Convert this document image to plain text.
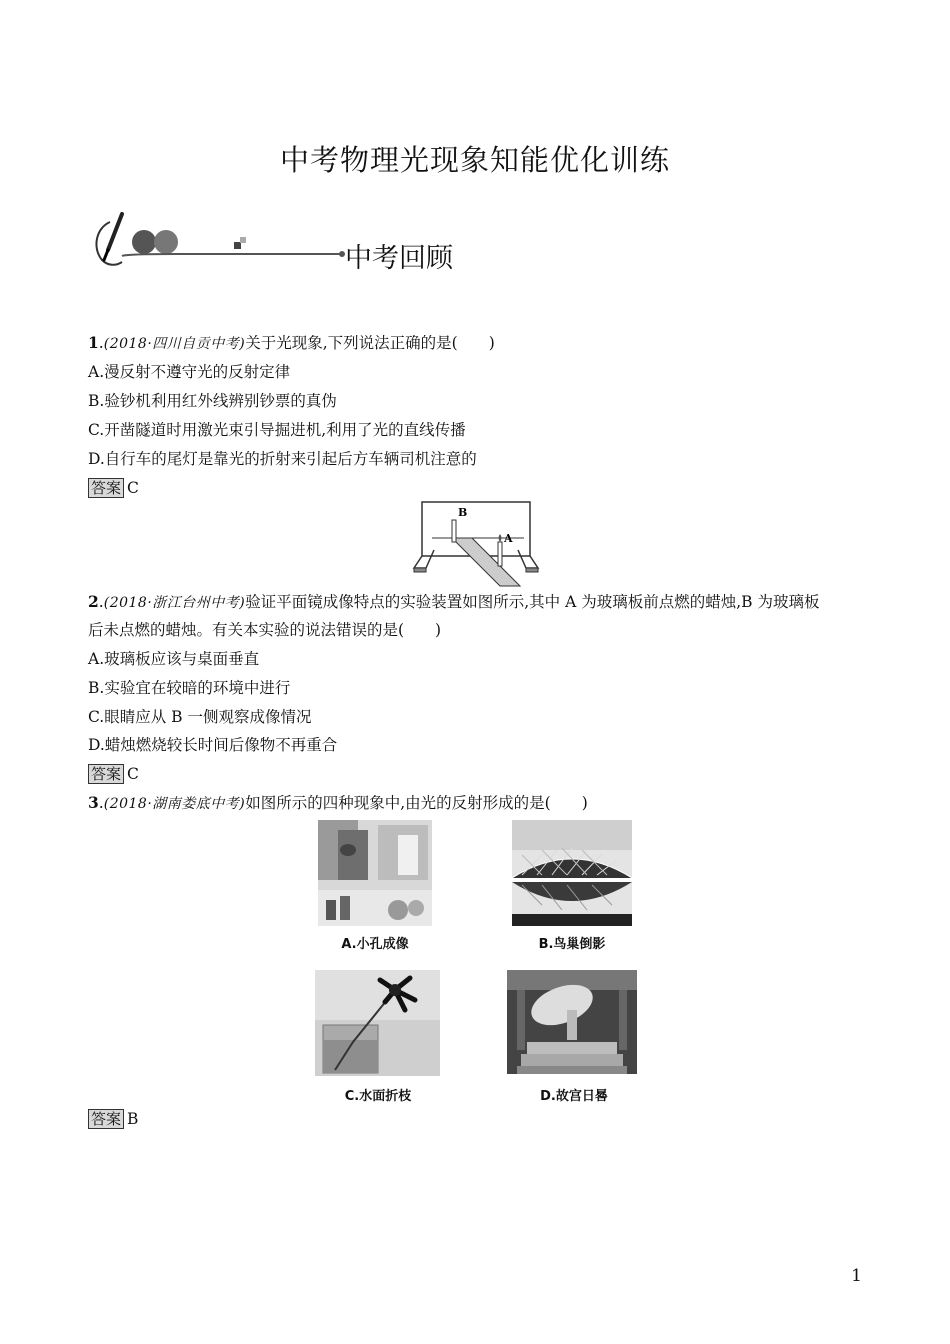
中考物理光现象知能优化训练
中考回顾
1.(2018·四川自贡中考)关于光现象,下列说法正确的是(　　)
A.漫反射不遵守光的反射定律
B.验钞机利用红外线辨别钞票的真伪
C.开凿隧道时用激光束引导掘进机,利用了光的直线传播
D.自行车的尾灯是靠光的折射来引起后方车辆司机注意的
答案 C
B
A
2.(2018·浙江台州中考)验证平面镜成像特点的实验装置如图所示,其中 A 为玻璃板前点燃的蜡烛,B 为玻璃板
后未点燃的蜡烛。有关本实验的说法错误的是(　　)
A.玻璃板应该与桌面垂直
B.实验宜在较暗的环境中进行
C.眼睛应从 B 一侧观察成像情况
D.蜡烛燃烧较长时间后像物不再重合
答案 C
3.(2018·湖南娄底中考)如图所示的四种现象中,由光的反射形成的是(　　)
A.小孔成像	B.鸟巢倒影
C.水面折枝	D.故宫日晷
答案 B
1
